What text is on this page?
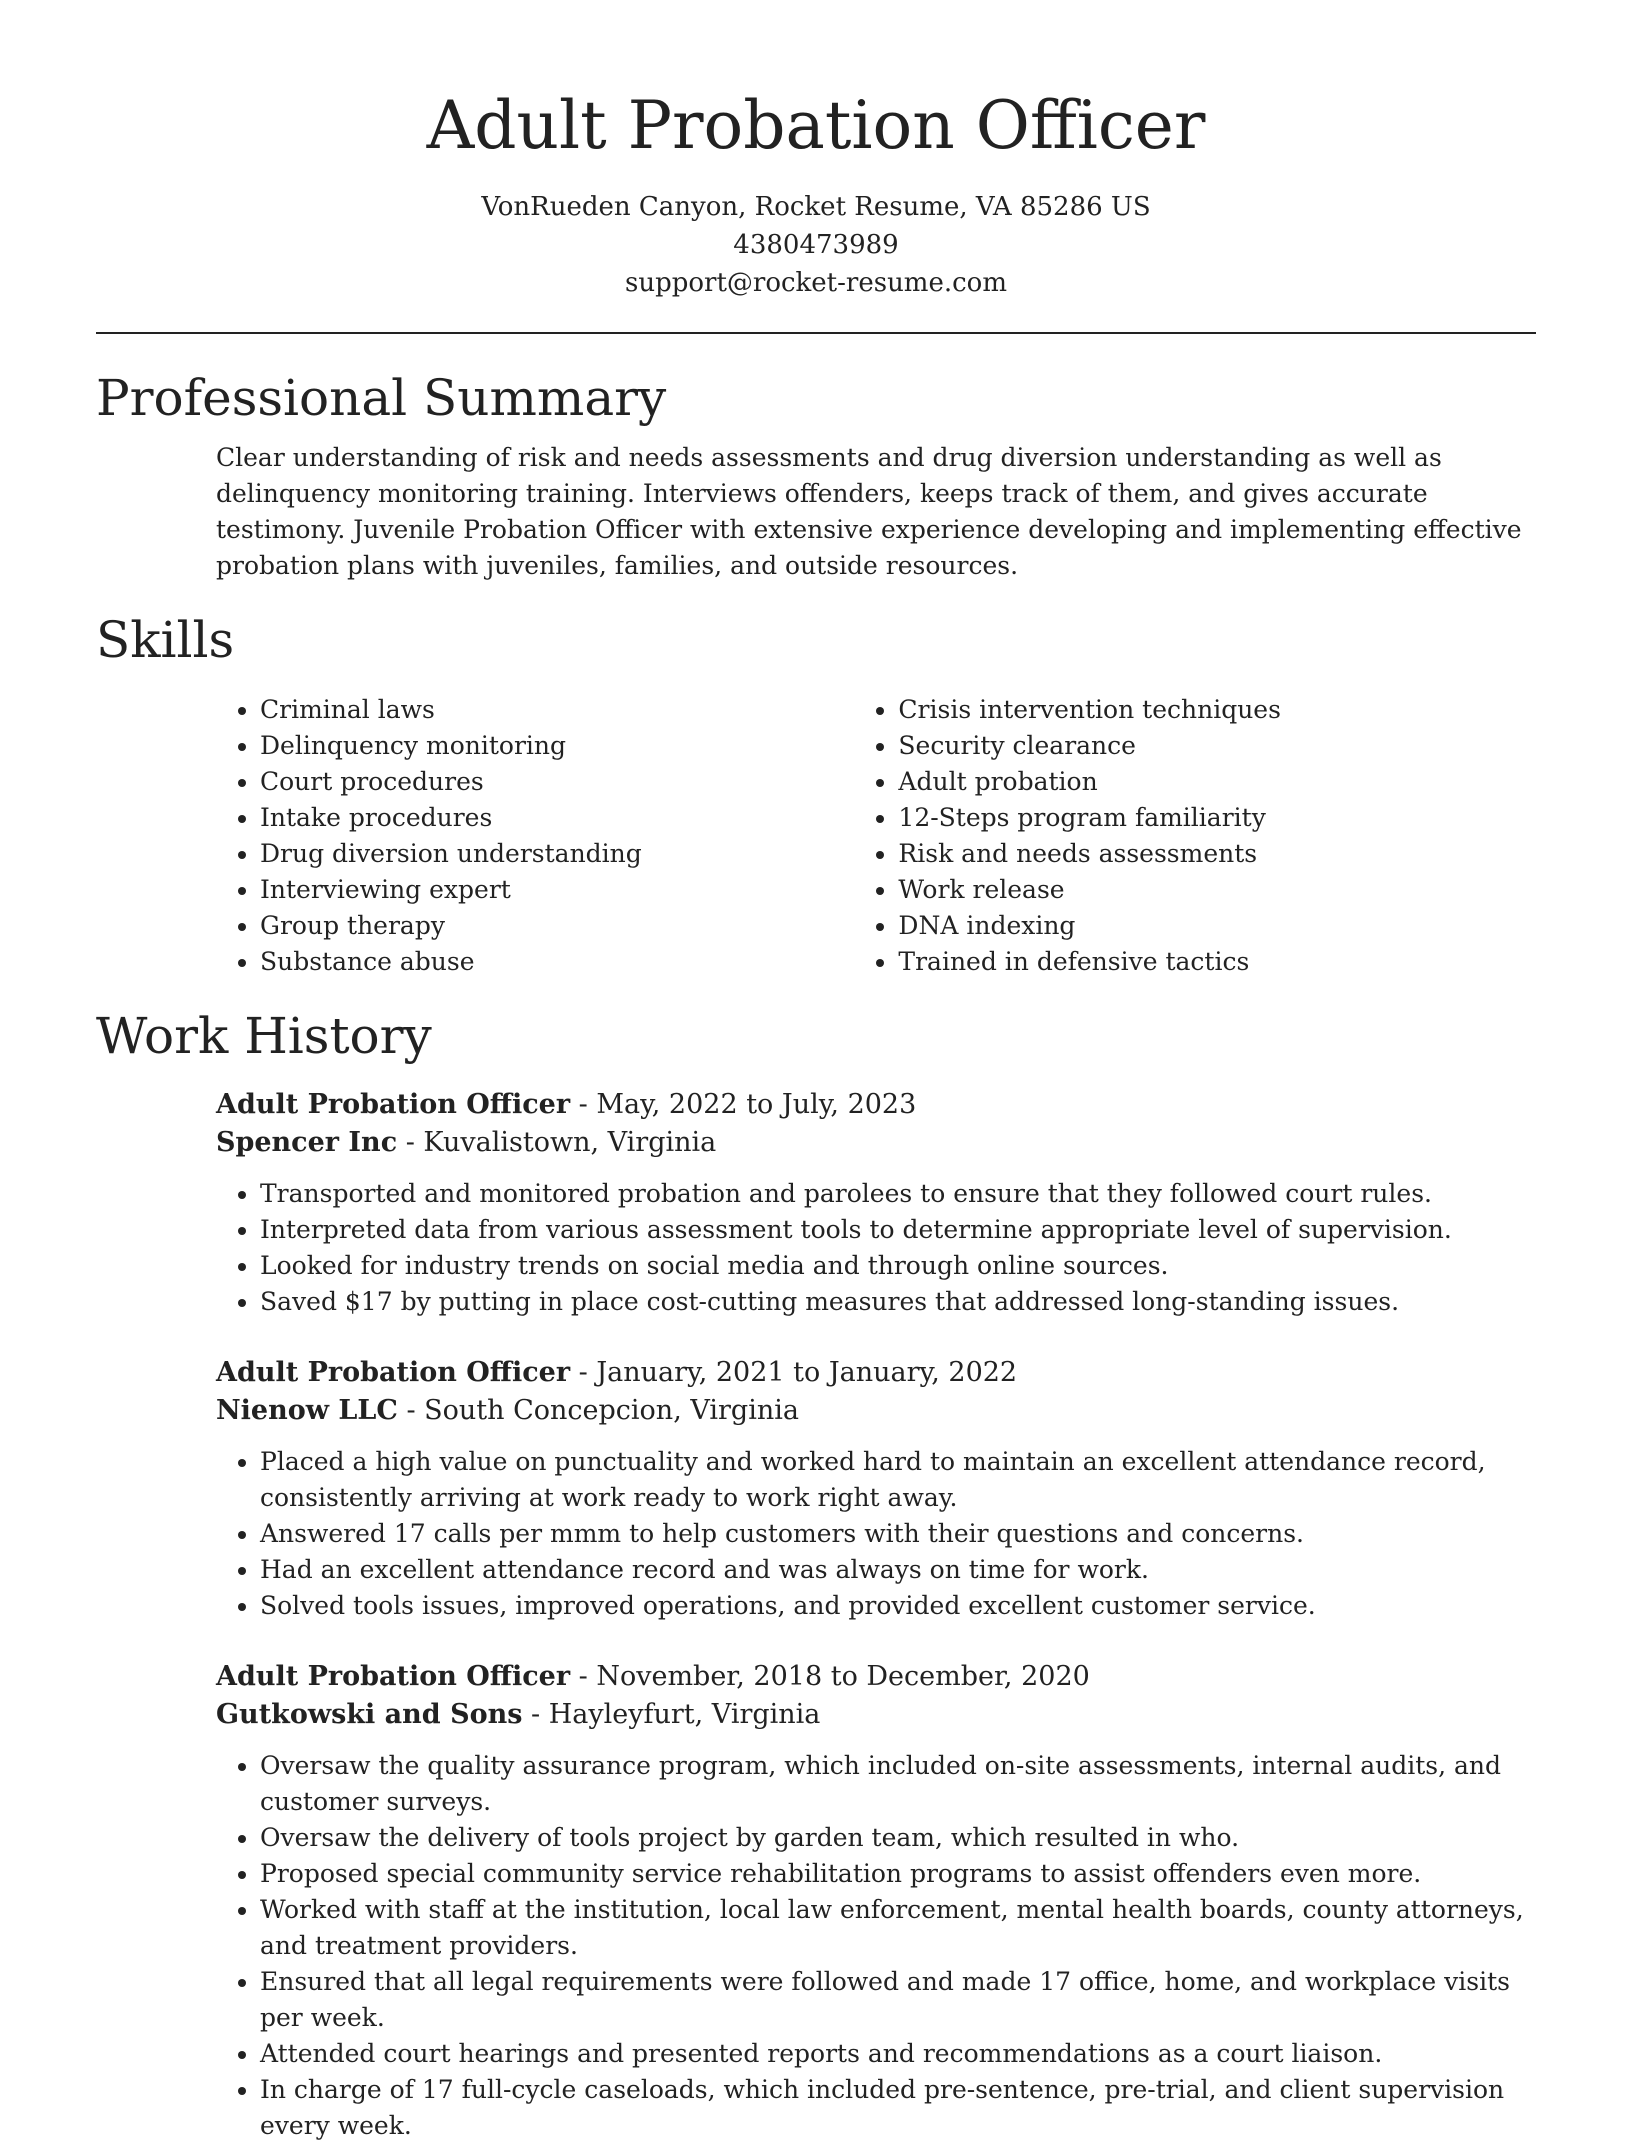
Adult Probation Officer
VonRueden Canyon, Rocket Resume, VA 85286 US
4380473989
support@rocket-resume.com
Professional Summary

Clear understanding of risk and needs assessments and drug diversion understanding as well as delinquency monitoring training. Interviews offenders, keeps track of them, and gives accurate testimony. Juvenile Probation Officer with extensive experience developing and implementing effective probation plans with juveniles, families, and outside resources.

Skills
• Criminal laws
• Delinquency monitoring
• Court procedures
• Intake procedures
• Drug diversion understanding
• Interviewing expert
• Group therapy
• Substance abuse
• Crisis intervention techniques
• Security clearance
• Adult probation
• 12-Steps program familiarity
• Risk and needs assessments
• Work release
• DNA indexing
• Trained in defensive tactics
Work History
Adult Probation Officer - May, 2022 to July, 2023
Spencer Inc - Kuvalistown, Virginia
• Transported and monitored probation and parolees to ensure that they followed court rules.
• Interpreted data from various assessment tools to determine appropriate level of supervision.
• Looked for industry trends on social media and through online sources.
• Saved $17 by putting in place cost-cutting measures that addressed long-standing issues.
Adult Probation Officer - January, 2021 to January, 2022
Nienow LLC - South Concepcion, Virginia
• Placed a high value on punctuality and worked hard to maintain an excellent attendance record, consistently arriving at work ready to work right away.
• Answered 17 calls per mmm to help customers with their questions and concerns.
• Had an excellent attendance record and was always on time for work.
• Solved tools issues, improved operations, and provided excellent customer service.
Adult Probation Officer - November, 2018 to December, 2020
Gutkowski and Sons - Hayleyfurt, Virginia
• Oversaw the quality assurance program, which included on-site assessments, internal audits, and customer surveys.
• Oversaw the delivery of tools project by garden team, which resulted in who.
• Proposed special community service rehabilitation programs to assist offenders even more.
• Worked with staff at the institution, local law enforcement, mental health boards, county attorneys, and treatment providers.
• Ensured that all legal requirements were followed and made 17 office, home, and workplace visits per week.
• Attended court hearings and presented reports and recommendations as a court liaison.
• In charge of 17 full-cycle caseloads, which included pre-sentence, pre-trial, and client supervision every week.
